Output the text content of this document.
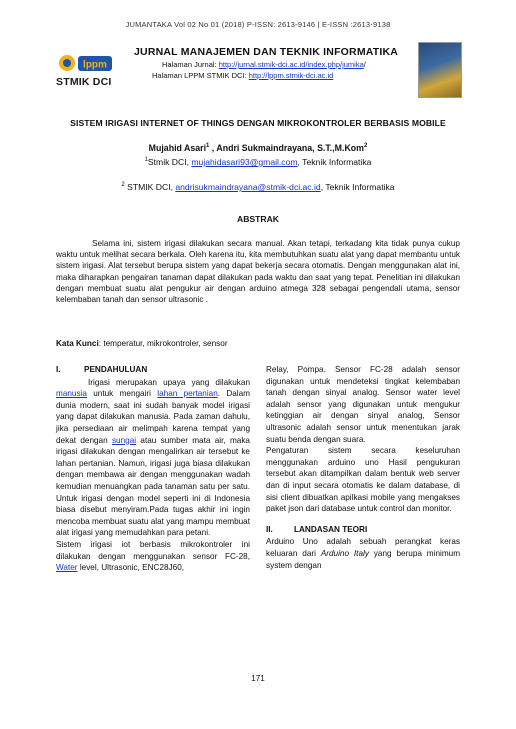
JUMANTAKA Vol 02 No 01 (2018) P-ISSN: 2613-9146 | E-ISSN :2613-9138
lppm
STMIK DCI
JURNAL MANAJEMEN DAN TEKNIK INFORMATIKA
Halaman Jurnal: http://jurnal.stmik-dci.ac.id/index.php/jumika/
Halaman LPPM STMIK DCI: http://lppm.stmik-dci.ac.id
SISTEM IRIGASI INTERNET OF THINGS DENGAN MIKROKONTROLER BERBASIS MOBILE
Mujahid Asari$^1$ , Andri Sukmaindrayana, S.T.,M.Kom$^2$
$^1$Stmik DCI, mujahidasari93@gmail.com, Teknik Informatika
$^2$ STMIK DCI, andrisukmaindrayana@stmik-dci.ac.id, Teknik Informatika
ABSTRAK

Selama ini, sistem irigasi dilakukan secara manual. Akan tetapi, terkadang kita tidak punya cukup waktu untuk melihat secara berkala. Oleh karena itu, kita membutuhkan suatu alat yang dapat membantu untuk sistem irigasi. Alat tersebut berupa sistem yang dapat bekerja secara otomatis. Dengan menggunakan alat ini, maka diharapkan pengairan tanaman dapat dilakukan pada waktu dan saat yang tepat. Penelitian ini dilakukan dengan membuat suatu alat pengukur air dengan arduino atmega 328 sebagai pengendali utama, sensor kelembaban tanah dan sensor ultrasonic .

Kata Kunci: temperatur, mikrokontroler, sensor
I.	PENDAHULUAN

Irigasi merupakan upaya yang dilakukan manusia untuk mengairi lahan pertanian. Dalam dunia modern, saat ini sudah banyak model irigasi yang dapat dilakukan manusia. Pada zaman dahulu, jika persediaan air melimpah karena tempat yang dekat dengan sungai atau sumber mata air, maka irigasi dilakukan dengan mengalirkan air tersebut ke lahan pertanian. Namun, irigasi juga biasa dilakukan dengan membawa air dengan menggunakan wadah kemudian menuangkan pada tanaman satu per satu. Untuk irigasi dengan model seperti ini di Indonesia biasa disebut menyiram.Pada tugas akhir ini ingin mencoba membuat suatu alat yang mampu membuat alat irigasi yang memudahkan para petani.

Sistem irigasi iot berbasis mikrokontroler ini dilakukan dengan menggunakan sensor FC-28, Water level, Ultrasonic, ENC28J60,

Relay, Pompa. Sensor FC-28 adalah sensor digunakan untuk mendeteksi tingkat kelembaban tanah dengan sinyal analog. Sensor water level adalah sensor yang digunakan untuk mengukur ketinggian air dengan sinyal analog, Sensor ultrasonic adalah sensor untuk menentukan jarak suatu benda dengan suara.

Pengaturan sistem secara keseluruhan menggunakan arduino uno Hasil pengukuran tersebut akan ditampilkan dalam bentuk web server dan di input secara otomatis ke dalam database, di sisi client dibuatkan apilkasi mobile yang mengakses paket json dari database untuk control dan monitor.

II.	LANDASAN TEORI

Arduino Uno adalah sebuah perangkat keras keluaran dari Arduino Italy yang berupa minimum system dengan

171
